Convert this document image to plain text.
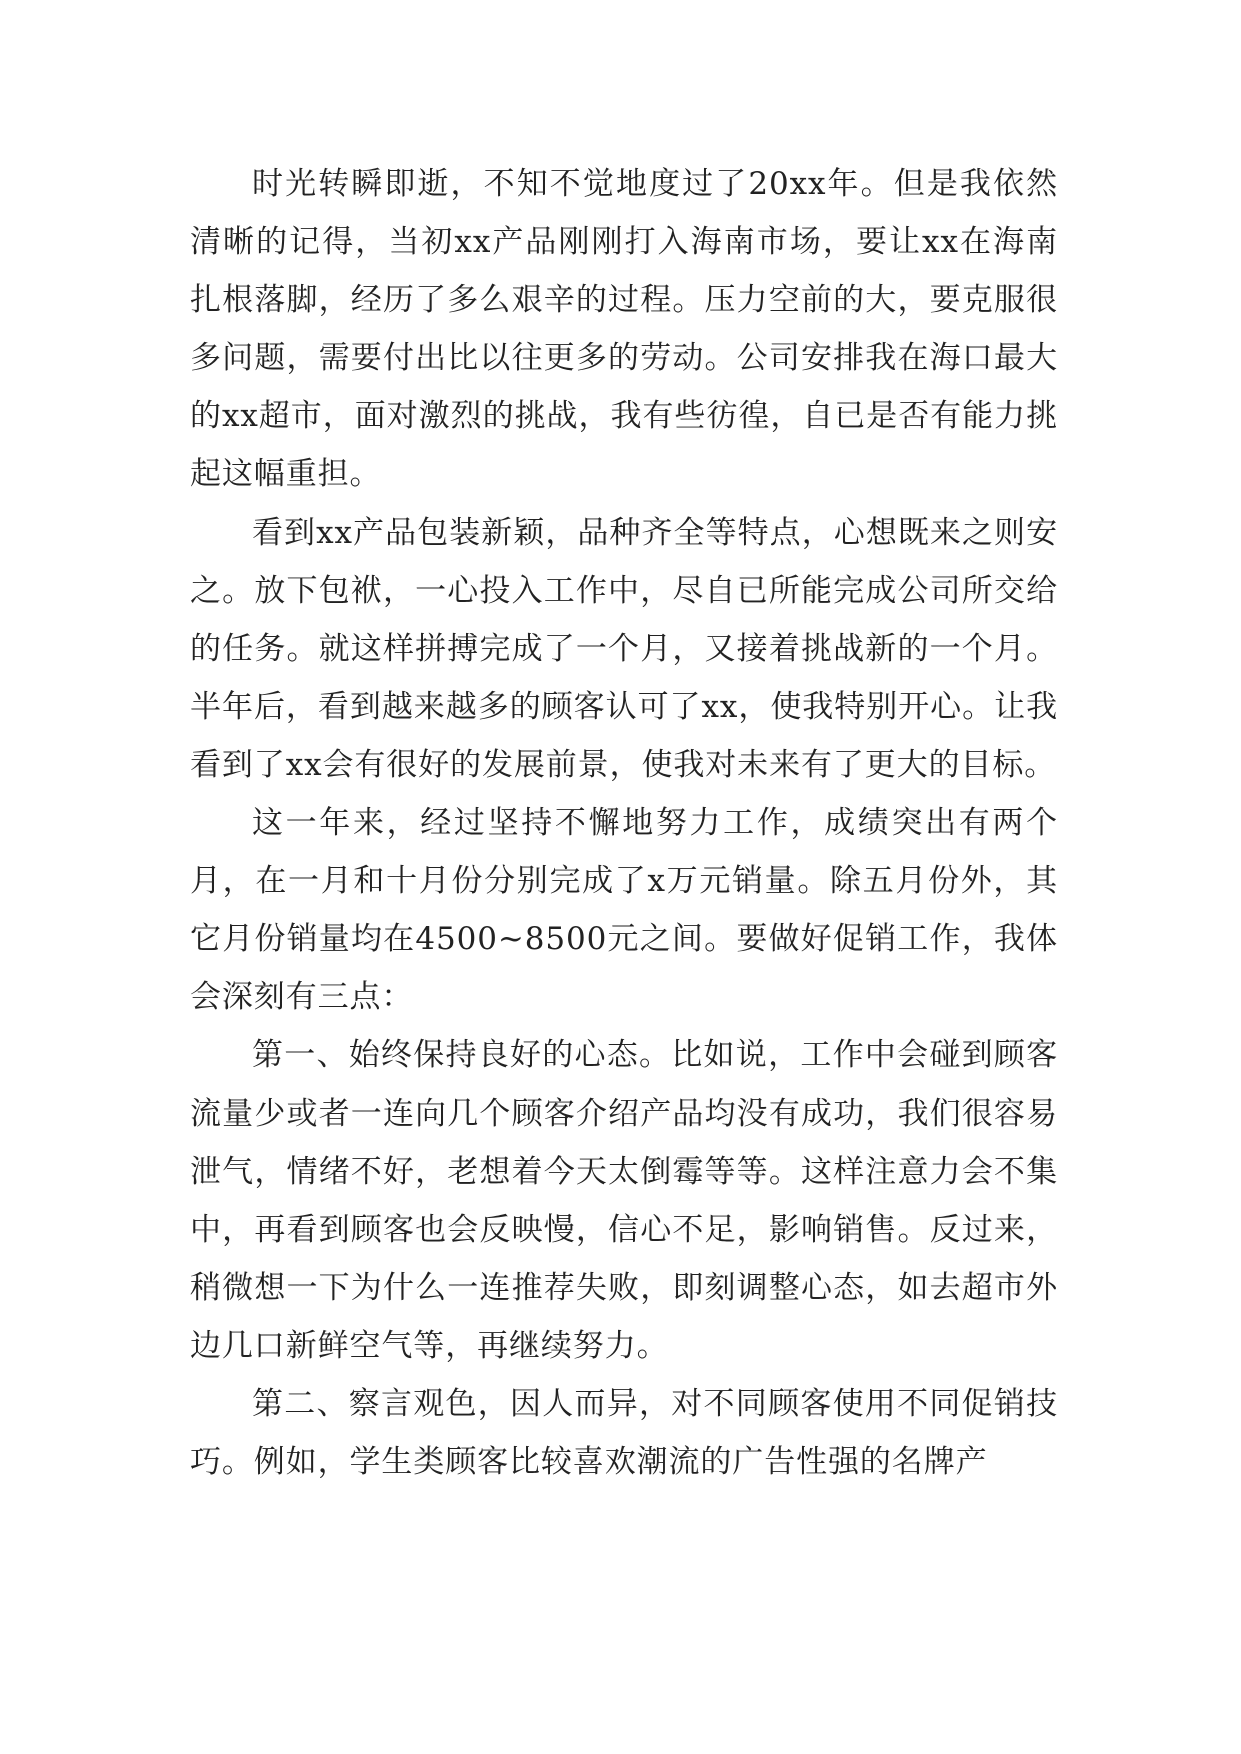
时光转瞬即逝，不知不觉地度过了20xx年。但是我依然清晰的记得，当初xx产品刚刚打入海南市场，要让xx在海南扎根落脚，经历了多么艰辛的过程。压力空前的大，要克服很多问题，需要付出比以往更多的劳动。公司安排我在海口最大的xx超市，面对激烈的挑战，我有些彷徨，自已是否有能力挑起这幅重担。

看到xx产品包装新颖，品种齐全等特点，心想既来之则安之。放下包袱，一心投入工作中，尽自已所能完成公司所交给的任务。就这样拼搏完成了一个月，又接着挑战新的一个月。半年后，看到越来越多的顾客认可了xx，使我特别开心。让我看到了xx会有很好的发展前景，使我对未来有了更大的目标。

这一年来，经过坚持不懈地努力工作，成绩突出有两个月，在一月和十月份分别完成了x万元销量。除五月份外，其它月份销量均在4500~8500元之间。要做好促销工作，我体会深刻有三点：

第一、始终保持良好的心态。比如说，工作中会碰到顾客流量少或者一连向几个顾客介绍产品均没有成功，我们很容易泄气，情绪不好，老想着今天太倒霉等等。这样注意力会不集中，再看到顾客也会反映慢，信心不足，影响销售。反过来，稍微想一下为什么一连推荐失败，即刻调整心态，如去超市外边几口新鲜空气等，再继续努力。

第二、察言观色，因人而异，对不同顾客使用不同促销技巧。例如，学生类顾客比较喜欢潮流的广告性强的名牌产
